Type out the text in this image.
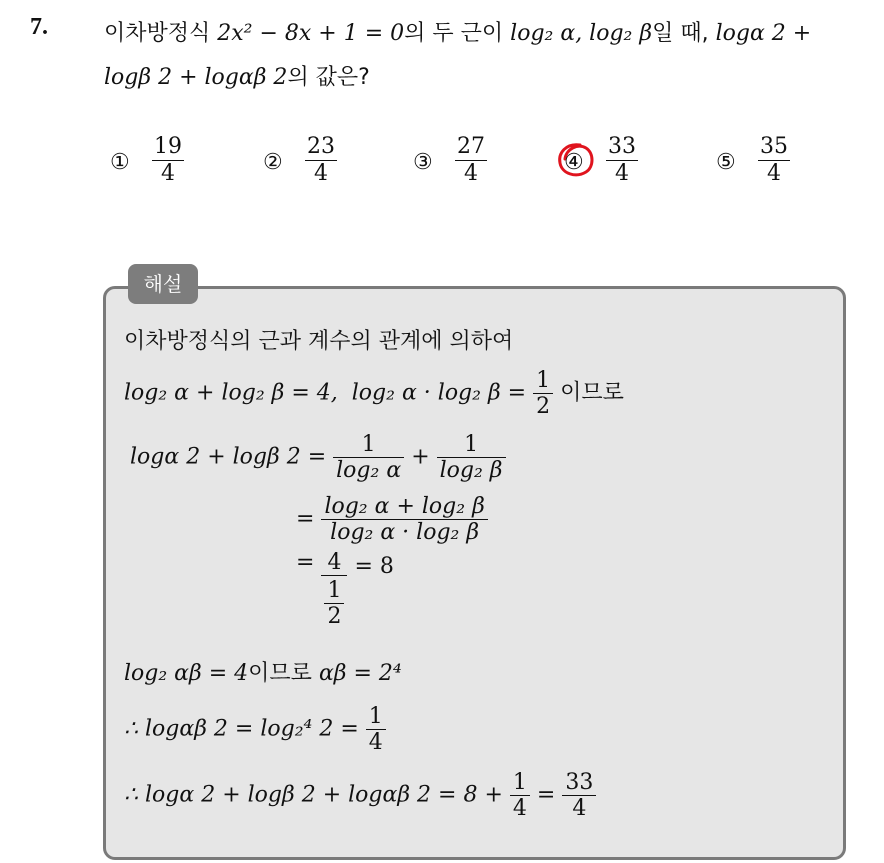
7.	이차방정식 2x² − 8x + 1 = 0의 두 근이 log₂ α, log₂ β일 때, logα 2 +
logβ 2 + logαβ 2의 값은?
① $\frac{19}{4}$	② $\frac{23}{4}$	③ $\frac{27}{4}$	④ $\frac{33}{4}$	⑤ $\frac{35}{4}$
해설
이차방정식의 근과 계수의 관계에 의하여
log₂ α + log₂ β = 4, log₂ α · log₂ $\beta = \frac{1}{2}$ 이므로
logα 2 + logβ $2 = \frac{1}{\text{log₂ α}} + \frac{1}{\text{log₂ β}}$
= $\frac{\text{log₂ α + log₂ β}}{\text{log₂ α · log₂ β}}$
= $\frac{4}{\frac{1}{2}} = 8$
log₂ αβ = 4이므로 αβ = 2⁴
∴ logαβ 2 = log₂⁴ $2 = \frac{1}{4}$
∴ logα 2 + logβ 2 + logαβ $2 = 8 + \frac{1}{4} = \frac{33}{4}$
